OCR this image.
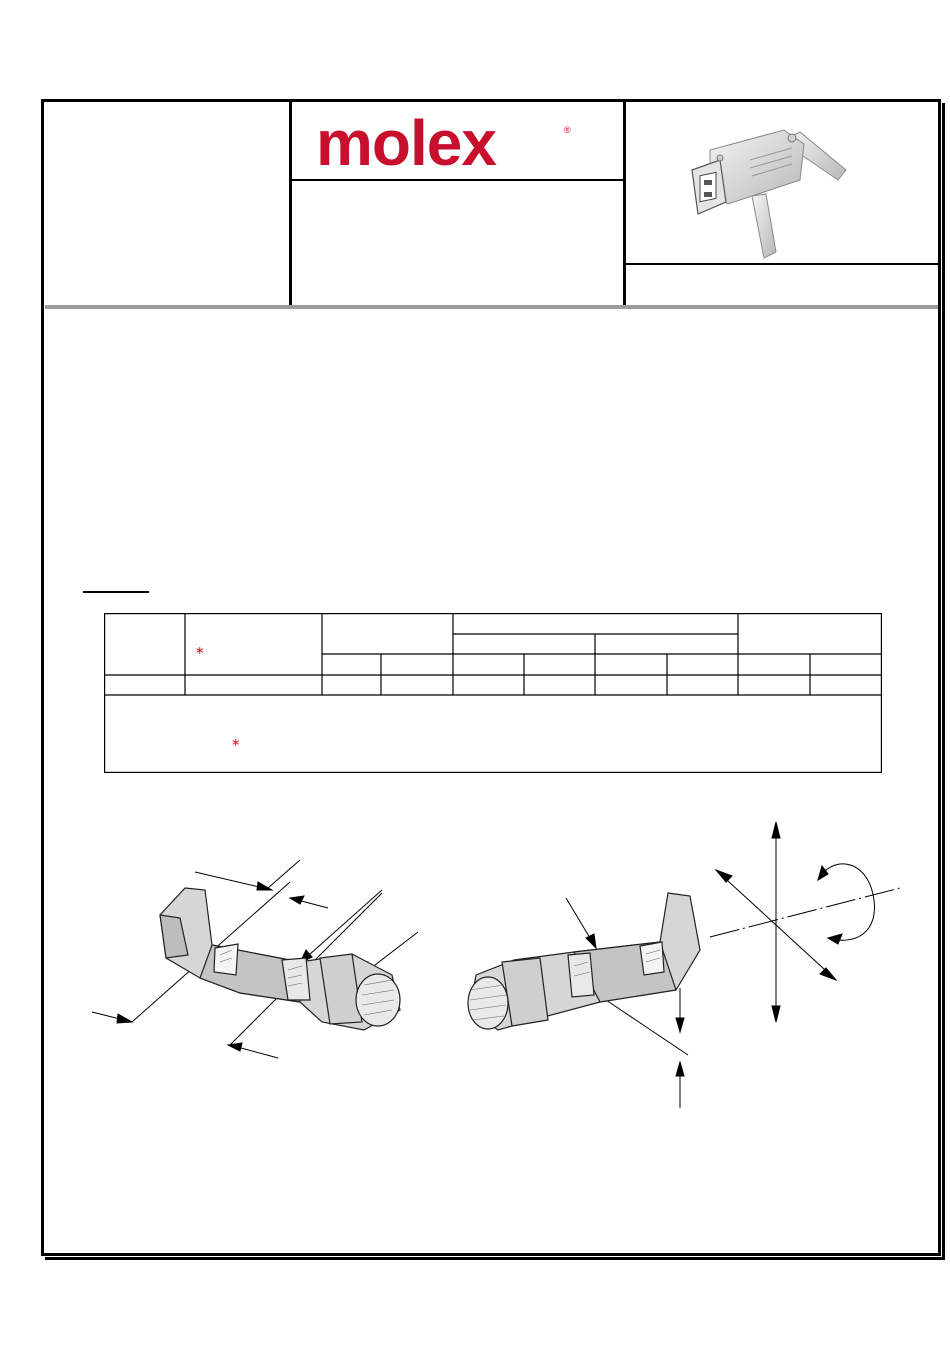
molex	®
*
*
